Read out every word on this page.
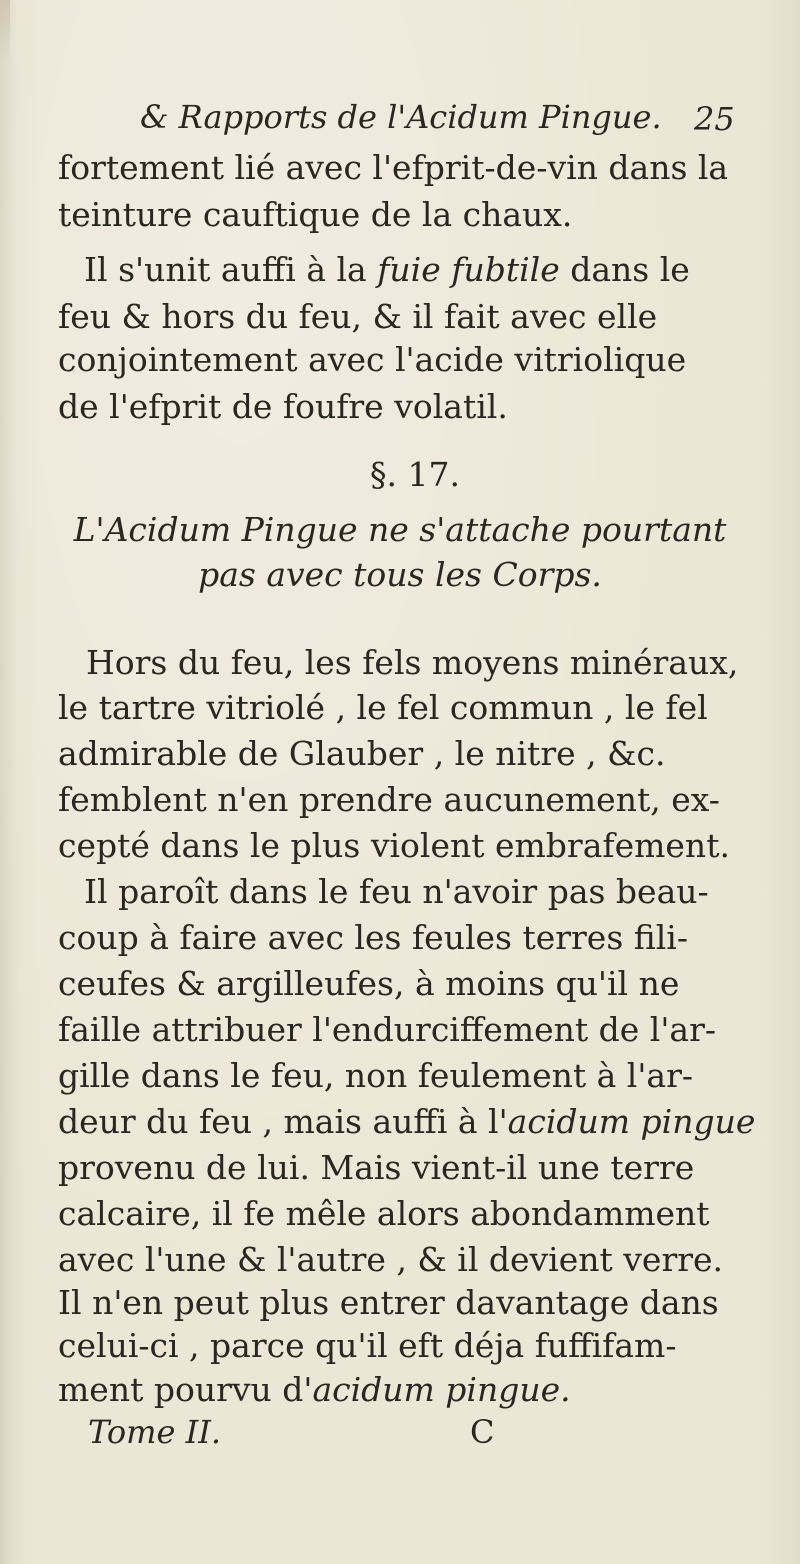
& Rapports de l'Acidum Pingue. 25
fortement lié avec l'efprit-de-vin dans la
teinture cauftique de la chaux.
Il s'unit auffi à la fuie fubtile dans le
feu & hors du feu, & il fait avec elle
conjointement avec l'acide vitriolique
de l'efprit de foufre volatil.
§. 17.
L'Acidum Pingue ne s'attache pourtant
pas avec tous les Corps.
Hors du feu, les fels moyens minéraux,
le tartre vitriolé , le fel commun , le fel
admirable de Glauber , le nitre , &c.
femblent n'en prendre aucunement, ex-
cepté dans le plus violent embrafement.
Il paroît dans le feu n'avoir pas beau-
coup à faire avec les feules terres fili-
ceufes & argilleufes, à moins qu'il ne
faille attribuer l'endurciffement de l'ar-
gille dans le feu, non feulement à l'ar-
deur du feu , mais auffi à l'acidum pingue
provenu de lui. Mais vient-il une terre
calcaire, il fe mêle alors abondamment
avec l'une & l'autre , & il devient verre.
Il n'en peut plus entrer davantage dans
celui-ci , parce qu'il eft déja fuffifam-
ment pourvu d'acidum pingue.
Tome II.	C
